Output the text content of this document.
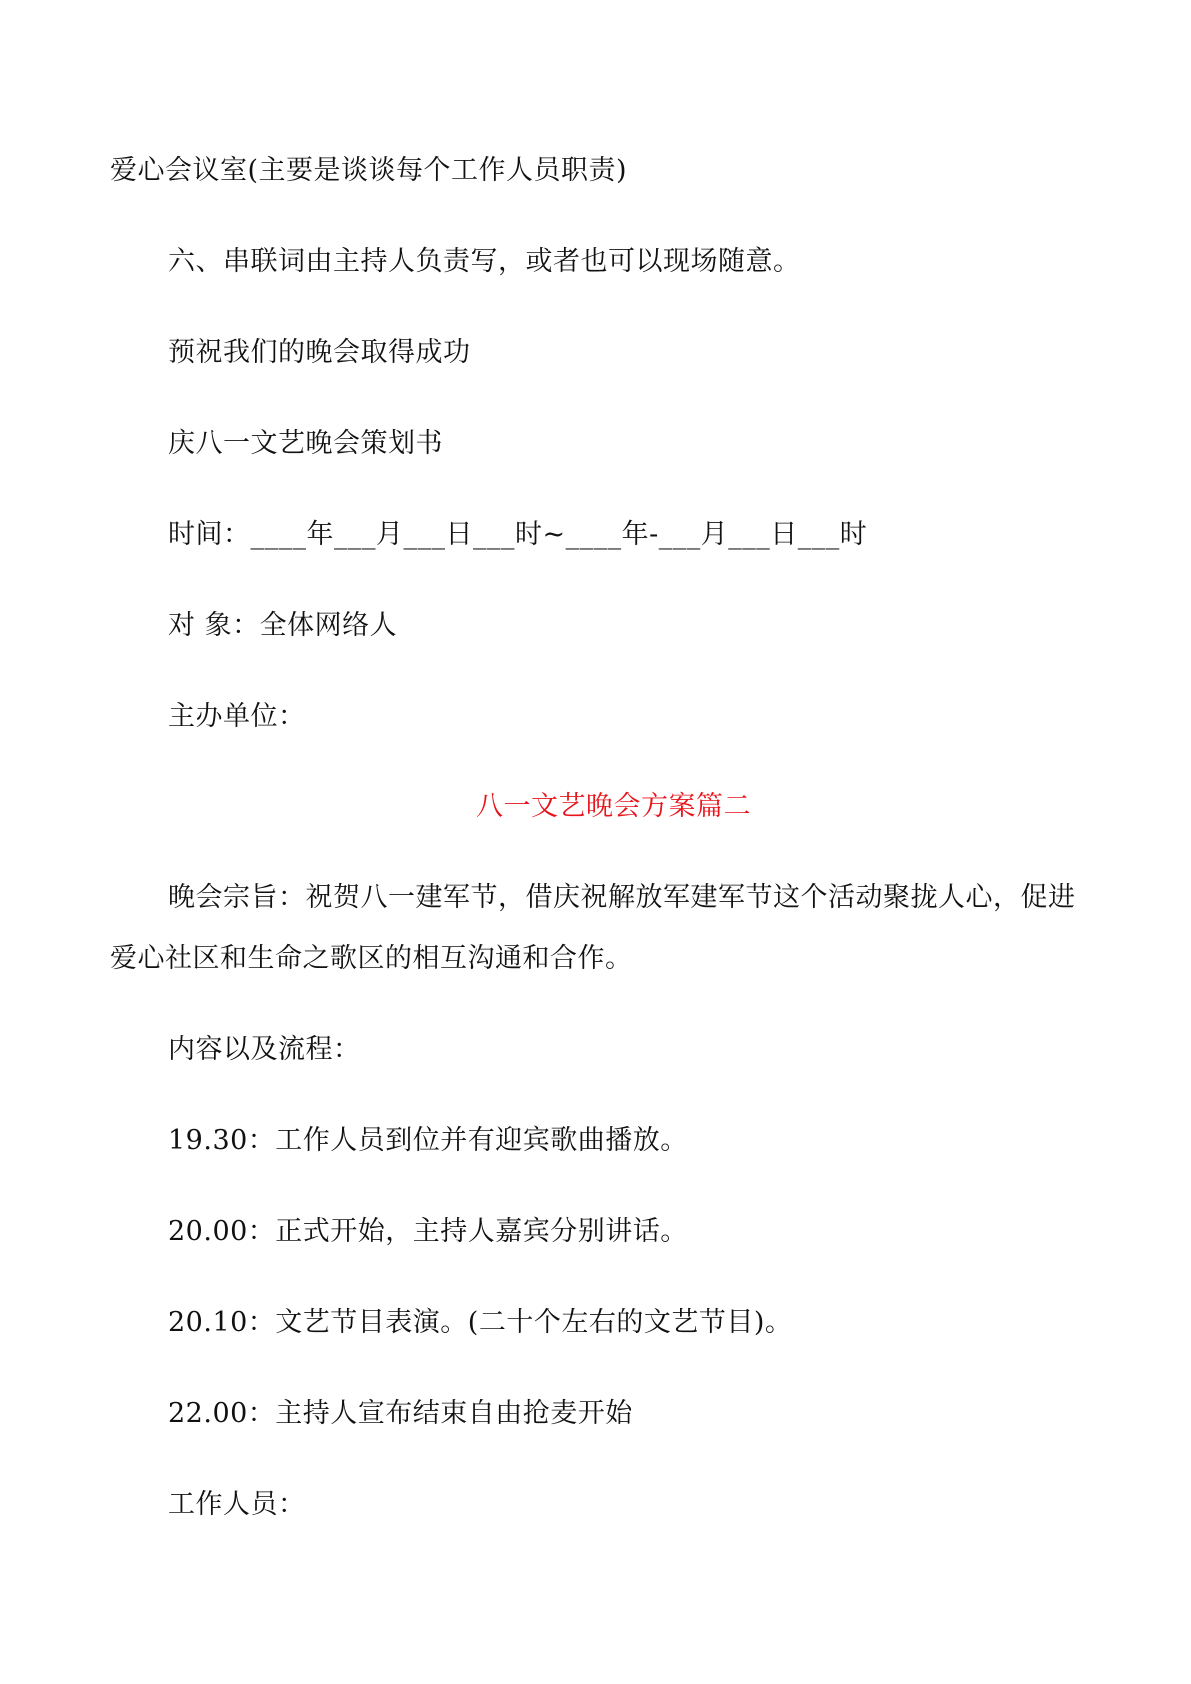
爱心会议室(主要是谈谈每个工作人员职责)
六、串联词由主持人负责写，或者也可以现场随意。
预祝我们的晚会取得成功
庆八一文艺晚会策划书
时间：____年___月___日___时~____年-___月___日___时
对 象：全体网络人
主办单位：
八一文艺晚会方案篇二
晚会宗旨：祝贺八一建军节，借庆祝解放军建军节这个活动聚拢人心，促进
爱心社区和生命之歌区的相互沟通和合作。
内容以及流程：
19.30：工作人员到位并有迎宾歌曲播放。
20.00：正式开始，主持人嘉宾分别讲话。
20.10：文艺节目表演。(二十个左右的文艺节目)。
22.00：主持人宣布结束自由抢麦开始
工作人员：
